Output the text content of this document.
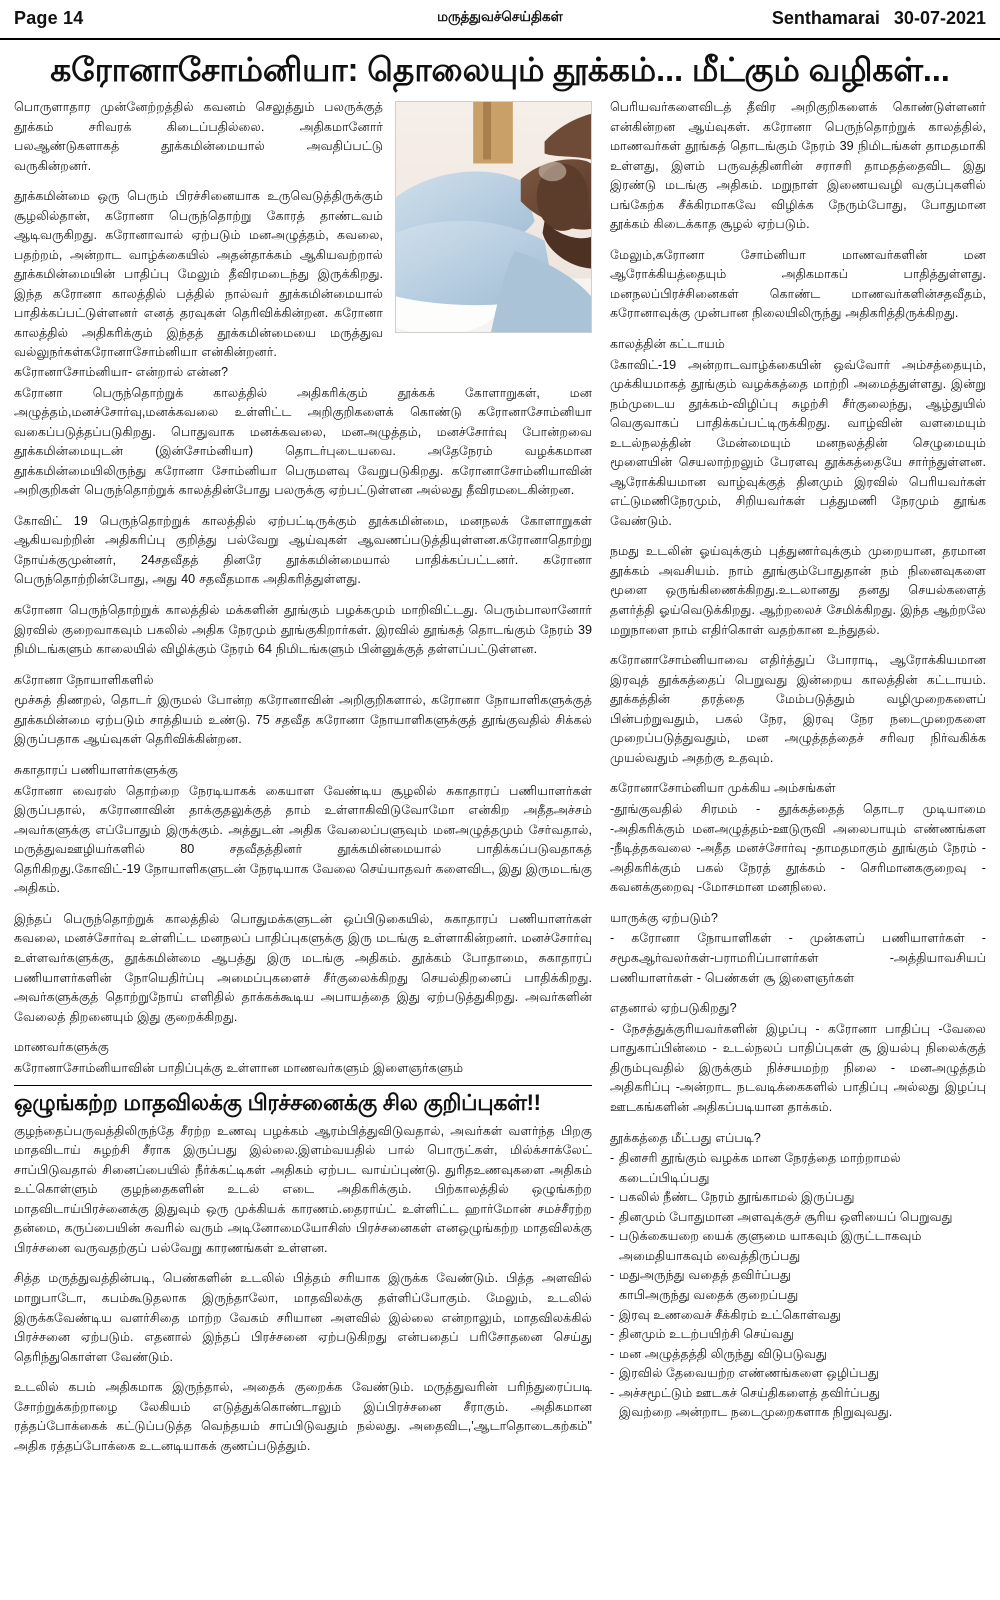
Page 14	மருத்துவச்செய்திகள்	Senthamarai 30-07-2021
கரோனாசோம்னியா: தொலையும் தூக்கம்... மீட்கும் வழிகள்...

பொருளாதார முன்னேற்றத்தில் கவனம் செலுத்தும் பலருக்குத் தூக்கம் சரிவரக் கிடைப்பதில்லை. அதிகமானோர் பலஆண்டுகளாகத் தூக்கமின்மையால் அவதிப்பட்டு வருகின்றனர்.

தூக்கமின்மை ஒரு பெரும் பிரச்சினையாக உருவெடுத்திருக்கும் சூழலில்தான், கரோனா பெருந்தொற்று கோரத் தாண்டவம் ஆடிவருகிறது. கரோனாவால் ஏற்படும் மனஅழுத்தம், கவலை, பதற்றம், அன்றாட வாழ்க்கையில் அதன்தாக்கம் ஆகியவற்றால் தூக்கமின்மையின் பாதிப்பு மேலும் தீவிரமடைந்து இருக்கிறது. இந்த கரோனா காலத்தில் பத்தில் நால்வர் தூக்கமின்மையால் பாதிக்கப்பட்டுள்ளனர் எனத் தரவுகள் தெரிவிக்கின்றன. கரோனா காலத்தில் அதிகரிக்கும் இந்தத் தூக்கமின்மையை மருத்துவ வல்லுநர்கள்கரோனாசோம்னியா என்கின்றனர்.

கரோனாசோம்னியா- என்றால் என்ன?

கரோனா பெருந்தொற்றுக் காலத்தில் அதிகரிக்கும் தூக்கக் கோளாறுகள், மன அழுத்தம்,மனச்சோர்வு,மனக்கவலை உள்ளிட்ட அறிகுறிகளைக் கொண்டு கரோனாசோம்னியா வகைப்படுத்தப்படுகிறது. பொதுவாக மனக்கவலை, மனஅழுத்தம், மனச்சோர்வு போன்றவை தூக்கமின்மையுடன் (இன்சோம்னியா) தொடர்புடையவை. அதேநேரம் வழக்கமான தூக்கமின்மையிலிருந்து கரோனா சோம்னியா பெருமளவு வேறுபடுகிறது. கரோனாசோம்னியாவின் அறிகுறிகள் பெருந்தொற்றுக் காலத்தின்போது பலருக்கு ஏற்பட்டுள்ளன அல்லது தீவிரமடைகின்றன.

கோவிட் 19 பெருந்தொற்றுக் காலத்தில் ஏற்பட்டிருக்கும் தூக்கமின்மை, மனநலக் கோளாறுகள் ஆகியவற்றின் அதிகரிப்பு குறித்து பல்வேறு ஆய்வுகள் ஆவணப்படுத்தியுள்ளன.கரோனாதொற்று நோய்க்குமுன்னர், 24சதவீதத் தினரே தூக்கமின்மையால் பாதிக்கப்பட்டனர். கரோனா பெருந்தொற்றின்போது, அது 40 சதவீதமாக அதிகரித்துள்ளது.

கரோனா பெருந்தொற்றுக் காலத்தில் மக்களின் தூங்கும் பழக்கமும் மாறிவிட்டது. பெரும்பாலானோர் இரவில் குறைவாகவும் பகலில் அதிக நேரமும் தூங்குகிறார்கள். இரவில் தூங்கத் தொடங்கும் நேரம் 39 நிமிடங்களும் காலையில் விழிக்கும் நேரம் 64 நிமிடங்களும் பின்னுக்குத் தள்ளப்பட்டுள்ளன.

கரோனா நோயாளிகளில்

மூச்சுத் திணறல், தொடர் இருமல் போன்ற கரோனாவின் அறிகுறிகளால், கரோனா நோயாளிகளுக்குத் தூக்கமின்மை ஏற்படும் சாத்தியம் உண்டு. 75 சதவீத கரோனா நோயாளிகளுக்குத் தூங்குவதில் சிக்கல் இருப்பதாக ஆய்வுகள் தெரிவிக்கின்றன.

சுகாதாரப் பணியாளர்களுக்கு

கரோனா வைரஸ் தொற்றை நேரடியாகக் கையாள வேண்டிய சூழலில் சுகாதாரப் பணியாளர்கள் இருப்பதால், கரோனாவின் தாக்குதலுக்குத் தாம் உள்ளாகிவிடுவோமோ என்கிற அதீதஅச்சம் அவர்களுக்கு எப்போதும் இருக்கும். அத்துடன் அதிக வேலைப்பளுவும் மனஅழுத்தமும் சேர்வதால், மருத்துவஊழியர்களில் 80 சதவீதத்தினர் தூக்கமின்மையால் பாதிக்கப்படுவதாகத் தெரிகிறது.கோவிட்-19 நோயாளிகளுடன் நேரடியாக வேலை செய்யாதவர் களைவிட, இது இருமடங்கு அதிகம்.

இந்தப் பெருந்தொற்றுக் காலத்தில் பொதுமக்களுடன் ஒப்பிடுகையில், சுகாதாரப் பணியாளர்கள் கவலை, மனச்சோர்வு உள்ளிட்ட மனநலப் பாதிப்புகளுக்கு இரு மடங்கு உள்ளாகின்றனர். மனச்சோர்வு உள்ளவர்களுக்கு, தூக்கமின்மை ஆபத்து இரு மடங்கு அதிகம். தூக்கம் போதாமை, சுகாதாரப் பணியாளர்களின் நோயெதிர்ப்பு அமைப்புகளைச் சீர்குலைக்கிறது செயல்திறனைப் பாதிக்கிறது. அவர்களுக்குத் தொற்றுநோய் எளிதில் தாக்கக்கூடிய அபாயத்தை இது ஏற்படுத்துகிறது. அவர்களின் வேலைத் திறனையும் இது குறைக்கிறது.

மாணவர்களுக்கு

கரோனாசோம்னியாவின் பாதிப்புக்கு உள்ளான மாணவர்களும் இளைஞர்களும்

ஒழுங்கற்ற மாதவிலக்கு பிரச்சனைக்கு சில குறிப்புகள்!!

குழந்தைப்பருவத்திலிருந்தே சீரற்ற உணவு பழக்கம் ஆரம்பித்துவிடுவதால், அவர்கள் வளர்ந்த பிறகு மாதவிடாய் சுழற்சி சீராக இருப்பது இல்லை.இளம்வயதில் பால் பொருட்கள், மில்க்சாக்லேட் சாப்பிடுவதால் சினைப்பையில் நீர்க்கட்டிகள் அதிகம் ஏற்பட வாய்ப்புண்டு. துரிதஉணவுகளை அதிகம் உட்கொள்ளும் குழந்தைகளின் உடல் எடை அதிகரிக்கும். பிற்காலத்தில் ஒழுங்கற்ற மாதவிடாய்பிரச்னைக்கு இதுவும் ஒரு முக்கியக் காரணம்.தைராய்ட் உள்ளிட்ட ஹார்மோன் சமச்சீரற்ற தன்மை, கருப்பையின் சுவரில் வரும் அடினோமையோசிஸ் பிரச்சனைகள் எனஒழுங்கற்ற மாதவிலக்கு பிரச்சனை வருவதற்குப் பல்வேறு காரணங்கள் உள்ளன.

சித்த மருத்துவத்தின்படி, பெண்களின் உடலில் பித்தம் சரியாக இருக்க வேண்டும். பித்த அளவில் மாறுபாடோ, கபம்கூடுதலாக இருந்தாலோ, மாதவிலக்கு தள்ளிப்போகும். மேலும், உடலில் இருக்கவேண்டிய வளர்சிதை மாற்ற வேகம் சரியான அளவில் இல்லை என்றாலும், மாதவிலக்கில் பிரச்சனை ஏற்படும். எதனால் இந்தப் பிரச்சனை ஏற்படுகிறது என்பதைப் பரிசோதனை செய்து தெரிந்துகொள்ள வேண்டும்.

உடலில் கபம் அதிகமாக இருந்தால், அதைக் குறைக்க வேண்டும். மருத்துவரின் பரிந்துரைப்படி சோற்றுக்கற்றாழை லேகியம் எடுத்துக்கொண்டாலும் இப்பிரச்சனை சீராகும். அதிகமான ரத்தப்போக்கைக் கட்டுப்படுத்த வெந்தயம் சாப்பிடுவதும் நல்லது. அதைவிட,'ஆடாதொடைகற்கம்" அதிக ரத்தப்போக்கை உடனடியாகக் குணப்படுத்தும்.

பெரியவர்களைவிடத் தீவிர அறிகுறிகளைக் கொண்டுள்ளனர் என்கின்றன ஆய்வுகள். கரோனா பெருந்தொற்றுக் காலத்தில், மாணவர்கள் தூங்கத் தொடங்கும் நேரம் 39 நிமிடங்கள் தாமதமாகி உள்ளது, இளம் பருவத்தினரின் சராசரி தாமதத்தைவிட இது இரண்டு மடங்கு அதிகம். மறுநாள் இணையவழி வகுப்புகளில் பங்கேற்க சீக்கிரமாகவே விழிக்க நேரும்போது, போதுமான தூக்கம் கிடைக்காத சூழல் ஏற்படும்.

மேலும்,கரோனா சோம்னியா மாணவர்களின் மன ஆரோக்கியத்தையும் அதிகமாகப் பாதித்துள்ளது. மனநலப்பிரச்சினைகள் கொண்ட மாணவர்களின்சதவீதம், கரோனாவுக்கு முன்பான நிலையிலிருந்து அதிகரித்திருக்கிறது.

காலத்தின் கட்டாயம்

கோவிட்-19 அன்றாடவாழ்க்கையின் ஒவ்வோர் அம்சத்தையும், முக்கியமாகத் தூங்கும் வழக்கத்தை மாற்றி அமைத்துள்ளது. இன்று நம்முடைய தூக்கம்-விழிப்பு சுழற்சி சீர்குலைந்து, ஆழ்துயில் வெகுவாகப் பாதிக்கப்பட்டிருக்கிறது. வாழ்வின் வளமையும் உடல்நலத்தின் மேன்மையும் மனநலத்தின் செழுமையும் மூளையின் செயலாற்றலும் பேரளவு தூக்கத்தையே சார்ந்துள்ளன. ஆரோக்கியமான வாழ்வுக்குத் தினமும் இரவில் பெரியவர்கள் எட்டுமணிநேரமும், சிறியவர்கள் பத்துமணி நேரமும் தூங்க வேண்டும்.

நமது உடலின் ஓய்வுக்கும் புத்துணர்வுக்கும் முறையான, தரமான தூக்கம் அவசியம். நாம் தூங்கும்போதுதான் நம் நினைவுகளை மூளை ஒருங்கிணைக்கிறது.உடலானது தனது செயல்களைத் தளர்த்தி ஓய்வெடுக்கிறது. ஆற்றலைச் சேமிக்கிறது. இந்த ஆற்றலே மறுநாளை நாம் எதிர்கொள் வதற்கான உந்துதல்.

கரோனாசோம்னியாவை எதிர்த்துப் போராடி, ஆரோக்கியமான இரவுத் தூக்கத்தைப் பெறுவது இன்றைய காலத்தின் கட்டாயம். தூக்கத்தின் தரத்தை மேம்படுத்தும் வழிமுறைகளைப் பின்பற்றுவதும், பகல் நேர, இரவு நேர நடைமுறைகளை முறைப்படுத்துவதும், மன அழுத்தத்தைச் சரிவர நிர்வகிக்க முயல்வதும் அதற்கு உதவும்.

கரோனாசோம்னியா முக்கிய அம்சங்கள்

-தூங்குவதில் சிரமம் - தூக்கத்தைத் தொடர முடியாமை -அதிகரிக்கும் மனஅழுத்தம்-ஊடுருவி அலைபாயும் எண்ணங்கள -நீடித்தகவலை -அதீத மனச்சோர்வு -தாமதமாகும் தூங்கும் நேரம் - அதிகரிக்கும் பகல் நேரத் தூக்கம் - செரிமானககுறைவு - கவனக்குறைவு -மோசமான மனநிலை.

யாருக்கு ஏற்படும்?

- கரோனா நோயாளிகள் - முன்களப் பணியாளர்கள் - சமூகஆர்வலர்கள்-பராமரிப்பாளர்கள் -அத்தியாவசியப் பணியாளர்கள் - பெண்கள் சூ இளைஞர்கள்

எதனால் ஏற்படுகிறது?

- நேசத்துக்குரியவர்களின் இழப்பு - கரோனா பாதிப்பு -வேலை பாதுகாப்பின்மை - உடல்நலப் பாதிப்புகள் சூ இயல்பு நிலைக்குத் திரும்புவதில் இருக்கும் நிச்சயமற்ற நிலை - மனஅழுத்தம் அதிகரிப்பு -அன்றாட நடவடிக்கைகளில் பாதிப்பு அல்லது இழப்பு ஊடகங்களின் அதிகப்படியான தாக்கம்.

தூக்கத்தை மீட்பது எப்படி?
- தினசரி தூங்கும் வழக்க மான நேரத்தை மாற்றாமல் கடைப்பிடிப்பது
- பகலில் நீண்ட நேரம் தூங்காமல் இருப்பது
- தினமும் போதுமான அளவுக்குச் சூரிய ஒளியைப் பெறுவது
- படுக்கையறை யைக் குளுமை யாகவும் இருட்டாகவும் அமைதியாகவும் வைத்திருப்பது
- மதுஅருந்து வதைத் தவிர்ப்பது
காபிஅருந்து வதைக் குறைப்பது
- இரவு உணவைச் சீக்கிரம் உட்கொள்வது
- தினமும் உடற்பயிற்சி செய்வது
- மன அழுத்தத்தி லிருந்து விடுபடுவது
- இரவில் தேவையற்ற எண்ணங்களை ஒழிப்பது
- அச்சமூட்டும் ஊடகச் செய்திகளைத் தவிர்ப்பது
இவற்றை அன்றாட நடைமுறைகளாக நிறுவுவது.
